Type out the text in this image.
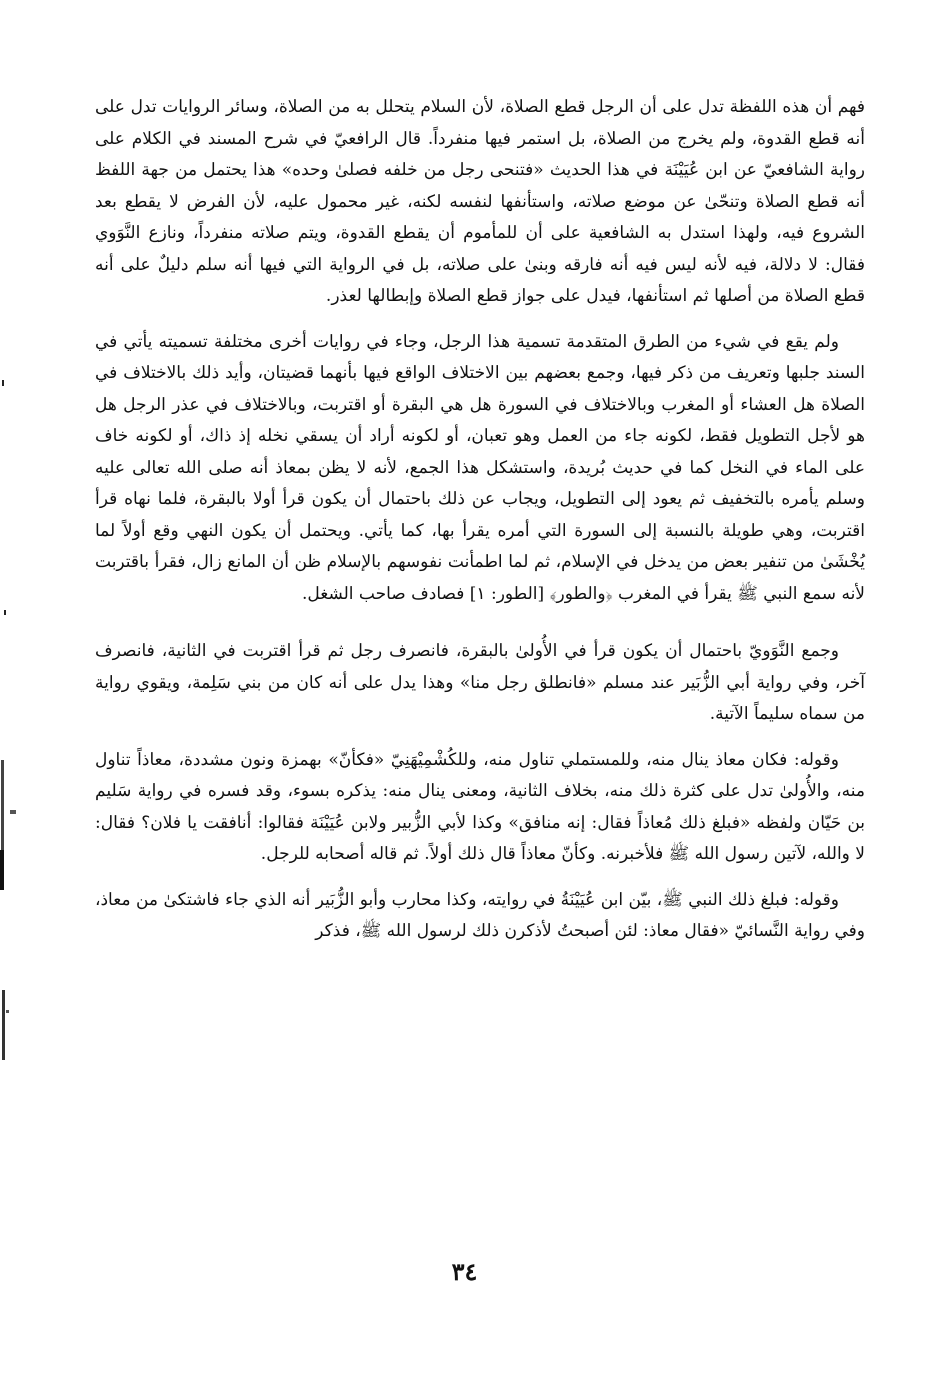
فهم أن هذه اللفظة تدل على أن الرجل قطع الصلاة، لأن السلام يتحلل به من الصلاة، وسائر الروايات تدل على أنه قطع القدوة، ولم يخرج من الصلاة، بل استمر فيها منفرداً. قال الرافعيّ في شرح المسند في الكلام على رواية الشافعيّ عن ابن عُيَيْنَة في هذا الحديث «فتنحى رجل من خلفه فصلىٰ وحده» هذا يحتمل من جهة اللفظ أنه قطع الصلاة وتنحّىٰ عن موضع صلاته، واستأنفها لنفسه لكنه، غير محمول عليه، لأن الفرض لا يقطع بعد الشروع فيه، ولهذا استدل به الشافعية على أن للمأموم أن يقطع القدوة، ويتم صلاته منفرداً، ونازع النَّوَوي فقال: لا دلالة، فيه لأنه ليس فيه أنه فارقه وبنىٰ على صلاته، بل في الرواية التي فيها أنه سلم دليلٌ على أنه قطع الصلاة من أصلها ثم استأنفها، فيدل على جواز قطع الصلاة وإبطالها لعذر.

ولم يقع في شيء من الطرق المتقدمة تسمية هذا الرجل، وجاء في روايات أخرى مختلفة تسميته يأتي في السند جلبها وتعريف من ذكر فيها، وجمع بعضهم بين الاختلاف الواقع فيها بأنهما قضيتان، وأيد ذلك بالاختلاف في الصلاة هل العشاء أو المغرب وبالاختلاف في السورة هل هي البقرة أو اقتربت، وبالاختلاف في عذر الرجل هل هو لأجل التطويل فقط، لكونه جاء من العمل وهو تعبان، أو لكونه أراد أن يسقي نخله إذ ذاك، أو لكونه خاف على الماء في النخل كما في حديث بُريدة، واستشكل هذا الجمع، لأنه لا يظن بمعاذ أنه صلى الله تعالى عليه وسلم يأمره بالتخفيف ثم يعود إلى التطويل، ويجاب عن ذلك باحتمال أن يكون قرأ أولا بالبقرة، فلما نهاه قرأ اقتربت، وهي طويلة بالنسبة إلى السورة التي أمره يقرأ بها، كما يأتي. ويحتمل أن يكون النهي وقع أولاً لما يُخْشَىٰ من تنفير بعض من يدخل في الإسلام، ثم لما اطمأنت نفوسهم بالإسلام ظن أن المانع زال، فقرأ باقتربت لأنه سمع النبي ﷺ يقرأ في المغرب ﴿والطور﴾ [الطور: ١] فصادف صاحب الشغل.

وجمع النَّوَويّ باحتمال أن يكون قرأ في الأُولىٰ بالبقرة، فانصرف رجل ثم قرأ اقتربت في الثانية، فانصرف آخر، وفي رواية أبي الزُّبَير عند مسلم «فانطلق رجل منا» وهذا يدل على أنه كان من بني سَلِمة، ويقوي رواية من سماه سليماً الآتية.

وقوله: فكان معاذ ينال منه، وللمستملي تناول منه، وللكُشْمِيْهَنِيّ «فكأنّ» بهمزة ونون مشددة، معاذاً تناول منه، والأُولىٰ تدل على كثرة ذلك منه، بخلاف الثانية، ومعنى ينال منه: يذكره بسوء، وقد فسره في رواية سَليم بن حَيّان ولفظه «فبلغ ذلك مُعاذاً فقال: إنه منافق» وكذا لأبي الزُّبير ولابن عُيَيْنَة فقالوا: أنافقت يا فلان؟ فقال: لا والله، لآتين رسول الله ﷺ فلأخبرنه. وكأنّ معاذاً قال ذلك أولاً. ثم قاله أصحابه للرجل.

وقوله: فبلغ ذلك النبي ﷺ، بيّن ابن عُيَيْنَةُ في روايته، وكذا محارب وأبو الزُّبَير أنه الذي جاء فاشتكىٰ من معاذ، وفي رواية النَّسائيّ «فقال معاذ: لئن أصبحتُ لأذكرن ذلك لرسول الله ﷺ، فذكر

٣٤
